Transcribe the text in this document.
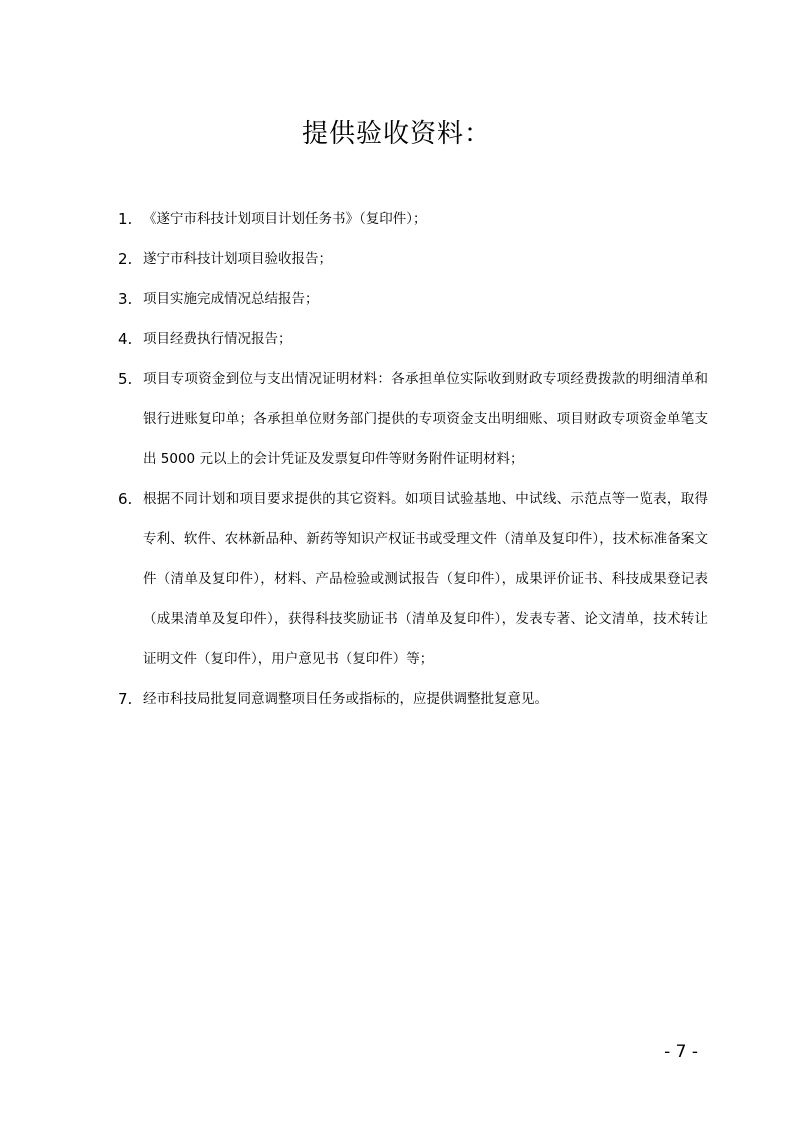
提供验收资料：
1. 《遂宁市科技计划项目计划任务书》（复印件）；
2. 遂宁市科技计划项目验收报告；
3. 项目实施完成情况总结报告；
4. 项目经费执行情况报告；
5. 项目专项资金到位与支出情况证明材料：各承担单位实际收到财政专项经费拨款的明细清单和银行进账复印单；各承担单位财务部门提供的专项资金支出明细账、项目财政专项资金单笔支出 5000 元以上的会计凭证及发票复印件等财务附件证明材料；
6. 根据不同计划和项目要求提供的其它资料。如项目试验基地、中试线、示范点等一览表，取得专利、软件、农林新品种、新药等知识产权证书或受理文件（清单及复印件），技术标准备案文件（清单及复印件），材料、产品检验或测试报告（复印件），成果评价证书、科技成果登记表（成果清单及复印件），获得科技奖励证书（清单及复印件），发表专著、论文清单，技术转让证明文件（复印件），用户意见书（复印件）等；
7. 经市科技局批复同意调整项目任务或指标的，应提供调整批复意见。
- 7 -
